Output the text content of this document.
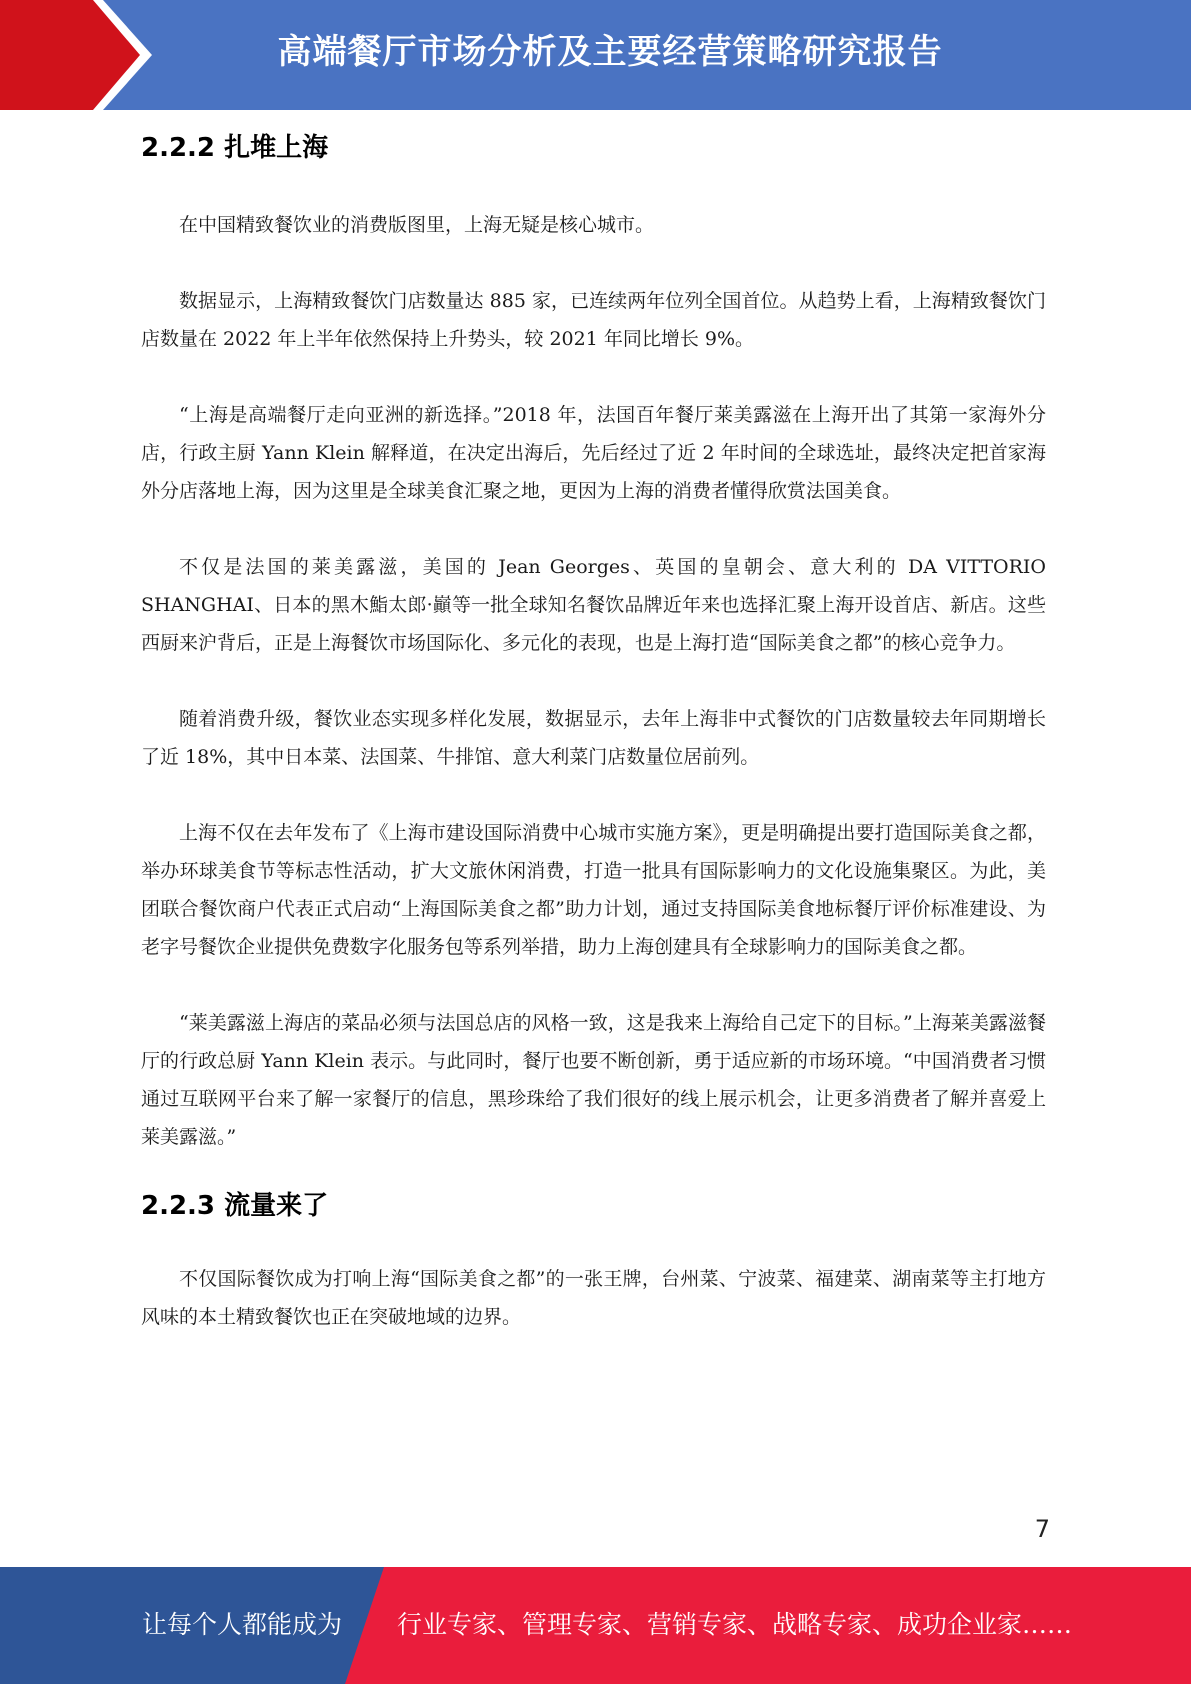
高端餐厅市场分析及主要经营策略研究报告
2.2.2 扎堆上海

在中国精致餐饮业的消费版图里，上海无疑是核心城市。

数据显示，上海精致餐饮门店数量达 885 家，已连续两年位列全国首位。从趋势上看，上海精致餐饮门店数量在 2022 年上半年依然保持上升势头，较 2021 年同比增长 9%。

“上海是高端餐厅走向亚洲的新选择。”2018 年，法国百年餐厅莱美露滋在上海开出了其第一家海外分店，行政主厨 Yann Klein 解释道，在决定出海后，先后经过了近 2 年时间的全球选址，最终决定把首家海外分店落地上海，因为这里是全球美食汇聚之地，更因为上海的消费者懂得欣赏法国美食。

不仅是法国的莱美露滋，美国的 Jean Georges、英国的皇朝会、意大利的 DA VITTORIO SHANGHAI、日本的黑木鮨太郎·巓等一批全球知名餐饮品牌近年来也选择汇聚上海开设首店、新店。这些西厨来沪背后，正是上海餐饮市场国际化、多元化的表现，也是上海打造“国际美食之都”的核心竞争力。

随着消费升级，餐饮业态实现多样化发展，数据显示，去年上海非中式餐饮的门店数量较去年同期增长了近 18%，其中日本菜、法国菜、牛排馆、意大利菜门店数量位居前列。

上海不仅在去年发布了《上海市建设国际消费中心城市实施方案》，更是明确提出要打造国际美食之都，举办环球美食节等标志性活动，扩大文旅休闲消费，打造一批具有国际影响力的文化设施集聚区。为此，美团联合餐饮商户代表正式启动“上海国际美食之都”助力计划，通过支持国际美食地标餐厅评价标准建设、为老字号餐饮企业提供免费数字化服务包等系列举措，助力上海创建具有全球影响力的国际美食之都。

“莱美露滋上海店的菜品必须与法国总店的风格一致，这是我来上海给自己定下的目标。”上海莱美露滋餐厅的行政总厨 Yann Klein 表示。与此同时，餐厅也要不断创新，勇于适应新的市场环境。“中国消费者习惯通过互联网平台来了解一家餐厅的信息，黑珍珠给了我们很好的线上展示机会，让更多消费者了解并喜爱上莱美露滋。”

2.2.3 流量来了

不仅国际餐饮成为打响上海“国际美食之都”的一张王牌，台州菜、宁波菜、福建菜、湖南菜等主打地方风味的本土精致餐饮也正在突破地域的边界。

7
让每个人都能成为 行业专家、管理专家、营销专家、战略专家、成功企业家……
